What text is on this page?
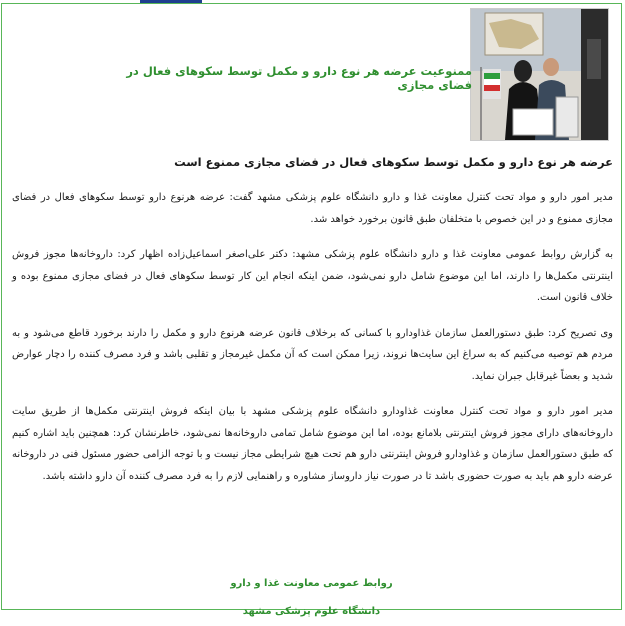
ممنوعیت عرضه هر نوع دارو و مکمل توسط سکوهای فعال در فضای مجازی
عرضه هر نوع دارو و مکمل توسط سکوهای فعال در فضای مجازی ممنوع است

مدیر امور دارو و مواد تحت کنترل معاونت غذا و دارو دانشگاه علوم پزشکی مشهد گفت: عرضه هرنوع دارو توسط سکوهای فعال در فضای مجازی ممنوع و در این خصوص با متخلفان طبق قانون برخورد خواهد شد.

به گزارش روابط عمومی معاونت غذا و دارو دانشگاه علوم پزشکی مشهد: دکتر علی‌اصغر اسماعیل‌زاده اظهار کرد: داروخانه‌ها مجوز فروش اینترنتی مکمل‌ها را دارند، اما این موضوع شامل دارو نمی‌شود، ضمن اینکه انجام این کار توسط سکوهای فعال در فضای مجازی ممنوع بوده و خلاف قانون است.

وی تصریح کرد: طبق دستورالعمل سازمان غذاودارو با کسانی که برخلاف قانون عرضه هرنوع دارو و مکمل را دارند برخورد قاطع می‌شود و به مردم هم توصیه می‌کنیم که به سراغ این سایت‌ها نروند، زیرا ممکن است که آن مکمل غیرمجاز و تقلبی باشد و فرد مصرف کننده را دچار عوارض شدید و بعضاً غیرقابل جبران نماید.

مدیر امور دارو و مواد تحت کنترل معاونت غذاودارو دانشگاه علوم پزشکی مشهد با بیان اینکه فروش اینترنتی مکمل‌ها از طریق سایت داروخانه‌های دارای مجوز فروش اینترنتی بلامانع بوده، اما این موضوع شامل تمامی داروخانه‌ها نمی‌شود، خاطرنشان کرد: همچنین باید اشاره کنیم که طبق دستورالعمل سازمان و غذاودارو فروش اینترنتی دارو هم تحت هیچ شرایطی مجاز نیست و با توجه الزامی حضور مسئول فنی در داروخانه عرضه دارو هم باید به صورت حضوری باشد تا در صورت نیاز داروساز مشاوره و راهنمایی لازم را به فرد مصرف کننده آن دارو داشته باشد.

روابط عمومی معاونت غذا و دارو
دانشگاه علوم پزشکی مشهد
